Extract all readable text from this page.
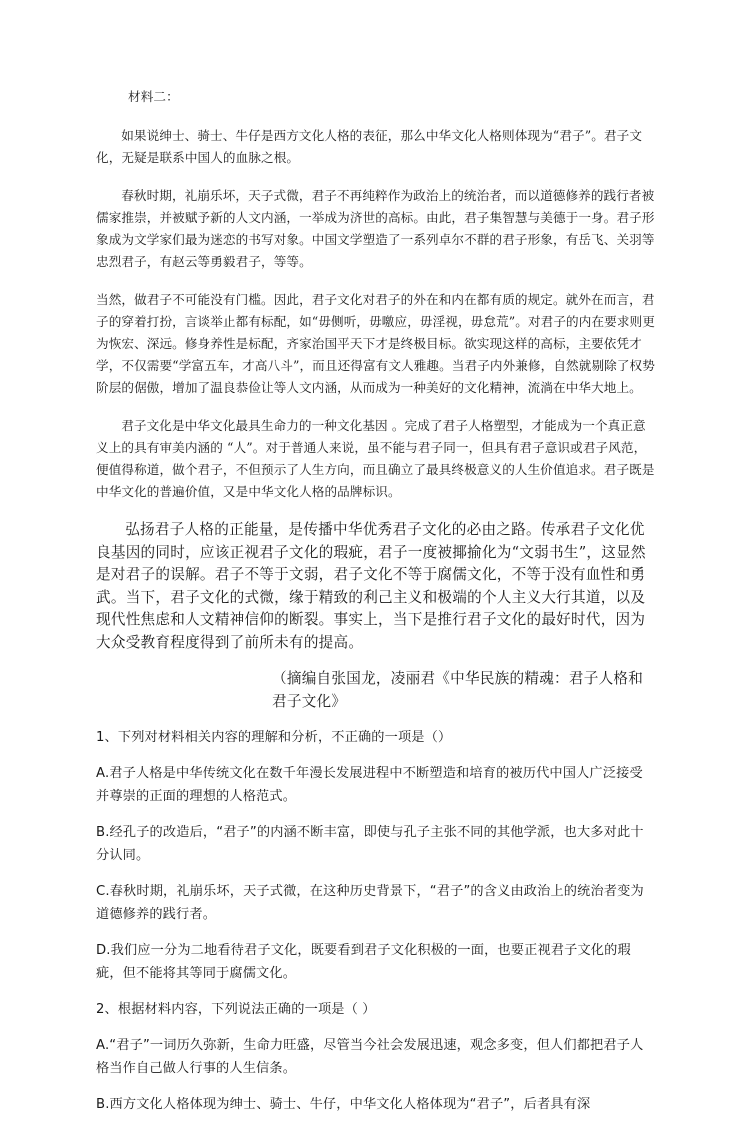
材料二：

如果说绅士、骑士、牛仔是西方文化人格的表征，那么中华文化人格则体现为“君子”。君子文化，无疑是联系中国人的血脉之根。

春秋时期，礼崩乐坏，天子式微，君子不再纯粹作为政治上的统治者，而以道德修养的践行者被儒家推崇，并被赋予新的人文内涵，一举成为济世的高标。由此，君子集智慧与美德于一身。君子形象成为文学家们最为迷恋的书写对象。中国文学塑造了一系列卓尔不群的君子形象，有岳飞、关羽等忠烈君子，有赵云等勇毅君子，等等。

当然，做君子不可能没有门槛。因此，君子文化对君子的外在和内在都有质的规定。就外在而言，君子的穿着打扮，言谈举止都有标配，如“毋侧听，毋噭应，毋淫视，毋怠荒”。对君子的内在要求则更为恢宏、深远。修身养性是标配，齐家治国平天下才是终极目标。欲实现这样的高标，主要依凭才学，不仅需要“学富五车，才高八斗”，而且还得富有文人雅趣。当君子内外兼修，自然就剔除了权势阶层的倨傲，增加了温良恭俭让等人文内涵，从而成为一种美好的文化精神，流淌在中华大地上。

君子文化是中华文化最具生命力的一种文化基因 。完成了君子人格塑型，才能成为一个真正意义上的具有审美内涵的 “人”。对于普通人来说，虽不能与君子同一，但具有君子意识或君子风范，便值得称道，做个君子，不但预示了人生方向，而且确立了最具终极意义的人生价值追求。君子既是中华文化的普遍价值，又是中华文化人格的品牌标识。

弘扬君子人格的正能量，是传播中华优秀君子文化的必由之路。传承君子文化优良基因的同时，应该正视君子文化的瑕疵，君子一度被揶揄化为“文弱书生”，这显然是对君子的误解。君子不等于文弱，君子文化不等于腐儒文化，不等于没有血性和勇武。当下，君子文化的式微，缘于精致的利己主义和极端的个人主义大行其道，以及现代性焦虑和人文精神信仰的断裂。事实上，当下是推行君子文化的最好时代，因为大众受教育程度得到了前所未有的提高。

（摘编自张国龙，凌丽君《中华民族的精魂：君子人格和君子文化》

1、下列对材料相关内容的理解和分析，不正确的一项是（）

A.君子人格是中华传统文化在数千年漫长发展进程中不断塑造和培育的被历代中国人广泛接受并尊崇的正面的理想的人格范式。

B.经孔子的改造后，“君子”的内涵不断丰富，即使与孔子主张不同的其他学派，也大多对此十分认同。

C.春秋时期，礼崩乐坏，天子式微，在这种历史背景下，“君子”的含义由政治上的统治者变为道德修养的践行者。

D.我们应一分为二地看待君子文化，既要看到君子文化积极的一面，也要正视君子文化的瑕疵，但不能将其等同于腐儒文化。

2、根据材料内容，下列说法正确的一项是（ ）

A.“君子”一词历久弥新，生命力旺盛，尽管当今社会发展迅速，观念多变，但人们都把君子人格当作自己做人行事的人生信条。

B.西方文化人格体现为绅士、骑士、牛仔，中华文化人格体现为“君子”，后者具有深
